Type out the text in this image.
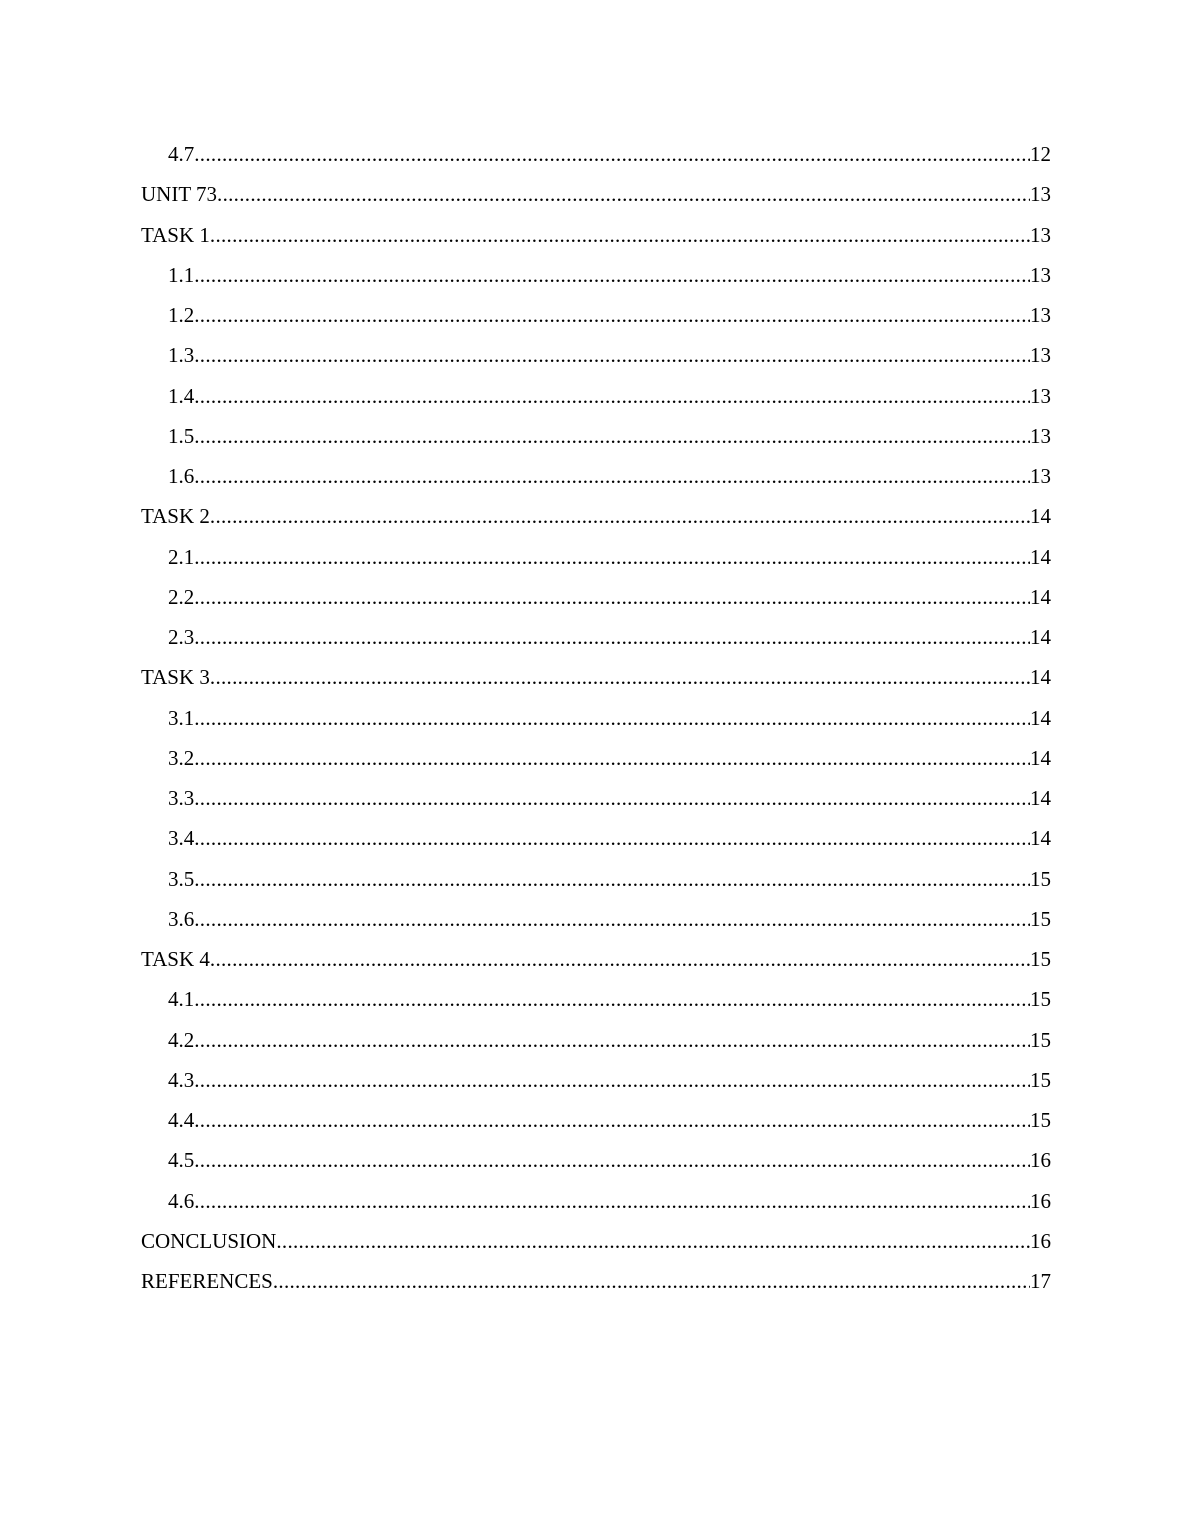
4.7 .....	12
UNIT 73 .....	13
TASK 1 .....	13
1.1 .....	13
1.2 .....	13
1.3 .....	13
1.4 .....	13
1.5 .....	13
1.6 .....	13
TASK 2 .....	14
2.1 .....	14
2.2 .....	14
2.3 .....	14
TASK 3 .....	14
3.1 .....	14
3.2 .....	14
3.3 .....	14
3.4 .....	14
3.5 .....	15
3.6 .....	15
TASK 4 .....	15
4.1 .....	15
4.2 .....	15
4.3 .....	15
4.4 .....	15
4.5 .....	16
4.6 .....	16
CONCLUSION .....	16
REFERENCES .....	17
